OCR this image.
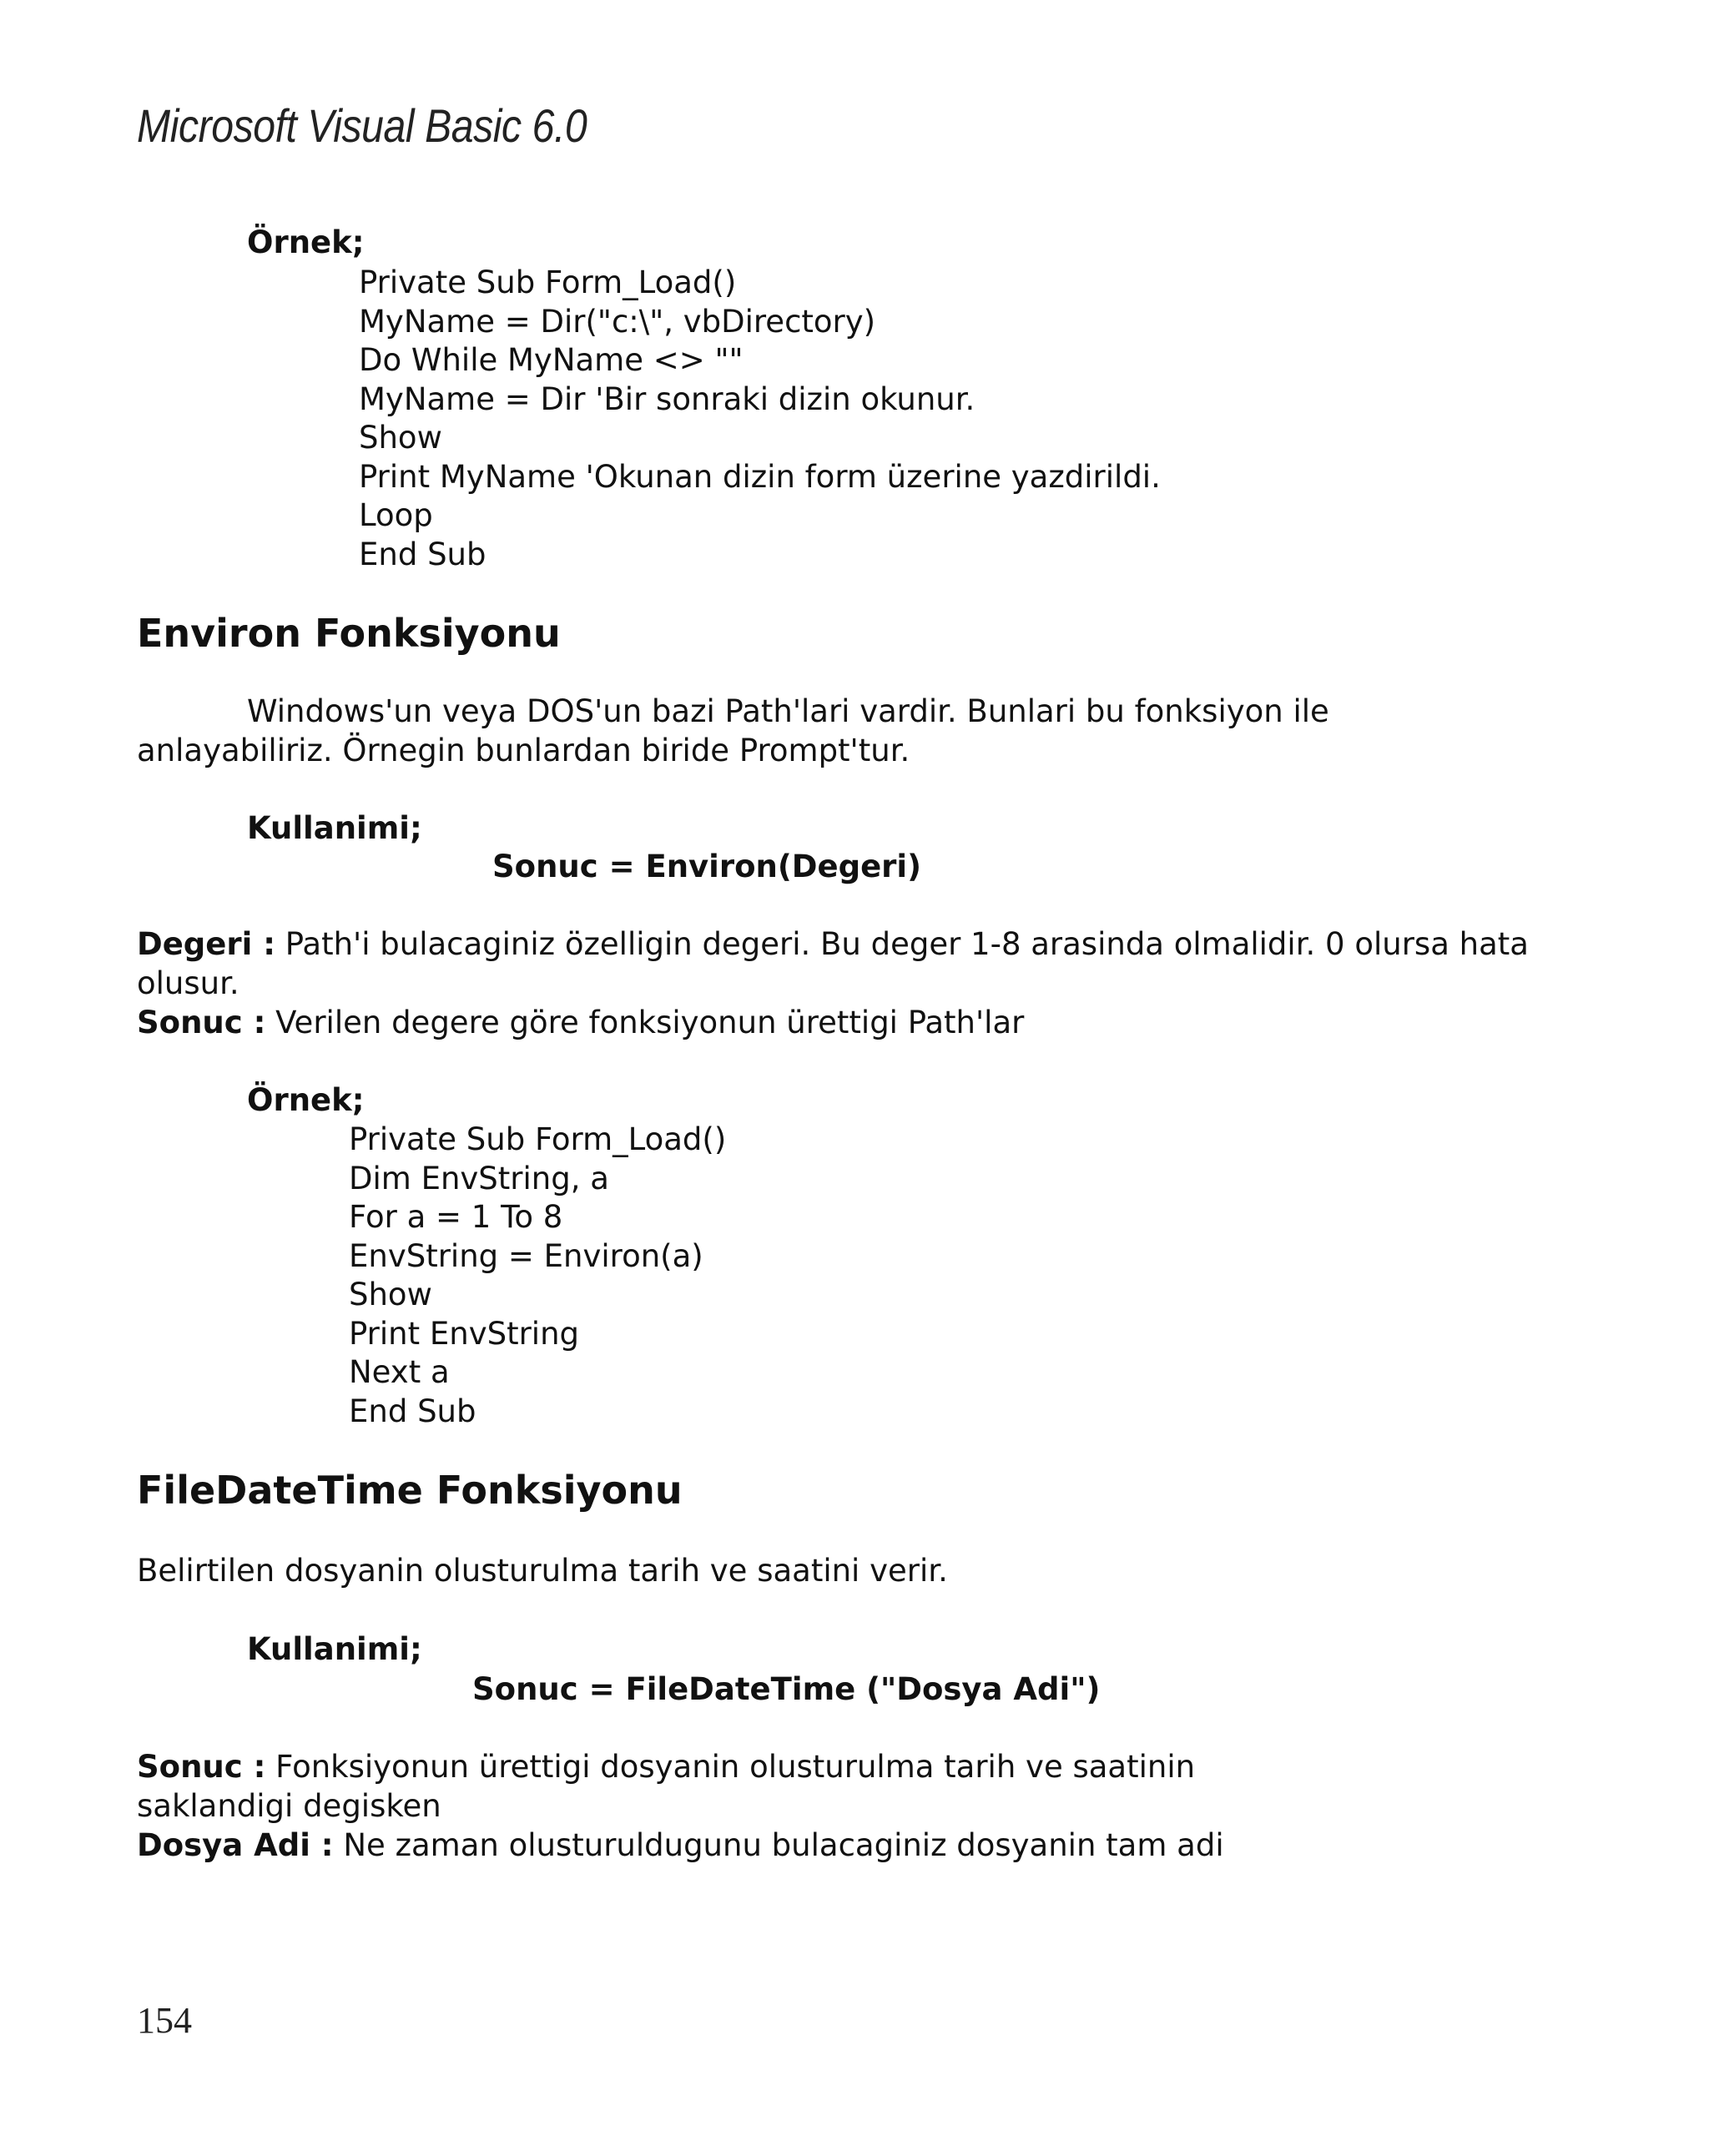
Microsoft Visual Basic 6.0
Örnek;
Private Sub Form_Load()
MyName = Dir("c:\", vbDirectory)
Do While MyName <> ""
MyName = Dir 'Bir sonraki dizin okunur.
Show
Print MyName 'Okunan dizin form üzerine yazdirildi.
Loop
End Sub
Environ Fonksiyonu
Windows'un veya DOS'un bazi Path'lari vardir. Bunlari bu fonksiyon ile
anlayabiliriz. Örnegin bunlardan biride Prompt'tur.
Kullanimi;
Sonuc = Environ(Degeri)
Degeri : Path'i bulacaginiz özelligin degeri. Bu deger 1-8 arasinda olmalidir. 0 olursa hata olusur.
Sonuc : Verilen degere göre fonksiyonun ürettigi Path'lar
Örnek;
Private Sub Form_Load()
Dim EnvString, a
For a = 1 To 8
EnvString = Environ(a)
Show
Print EnvString
Next a
End Sub
FileDateTime Fonksiyonu
Belirtilen dosyanin olusturulma tarih ve saatini verir.
Kullanimi;
Sonuc = FileDateTime ("Dosya Adi")
Sonuc : Fonksiyonun ürettigi dosyanin olusturulma tarih ve saatinin saklandigi degisken
Dosya Adi : Ne zaman olusturuldugunu bulacaginiz dosyanin tam adi
154
